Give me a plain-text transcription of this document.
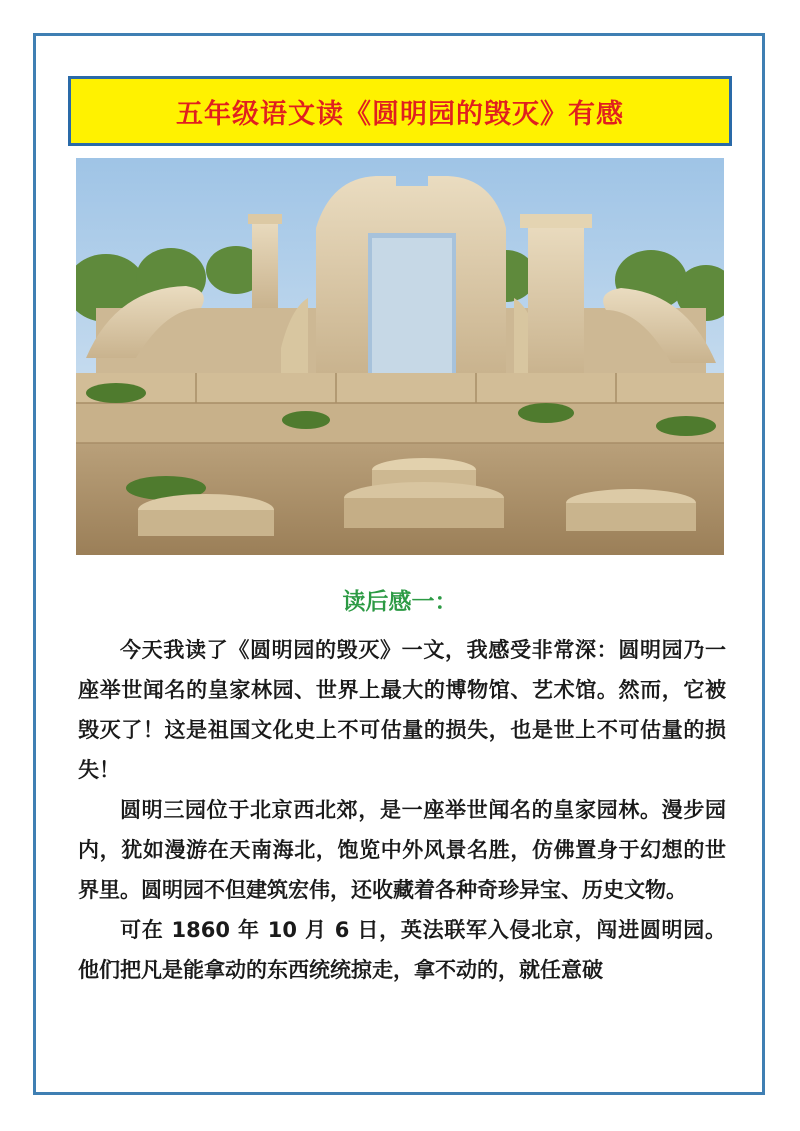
五年级语文读《圆明园的毁灭》有感
读后感一：

今天我读了《圆明园的毁灭》一文，我感受非常深：圆明园乃一座举世闻名的皇家林园、世界上最大的博物馆、艺术馆。然而，它被毁灭了！这是祖国文化史上不可估量的损失，也是世上不可估量的损失！

圆明三园位于北京西北郊，是一座举世闻名的皇家园林。漫步园内，犹如漫游在天南海北，饱览中外风景名胜，仿佛置身于幻想的世界里。圆明园不但建筑宏伟，还收藏着各种奇珍异宝、历史文物。

可在 1860 年 10 月 6 日，英法联军入侵北京，闯进圆明园。他们把凡是能拿动的东西统统掠走，拿不动的，就任意破
